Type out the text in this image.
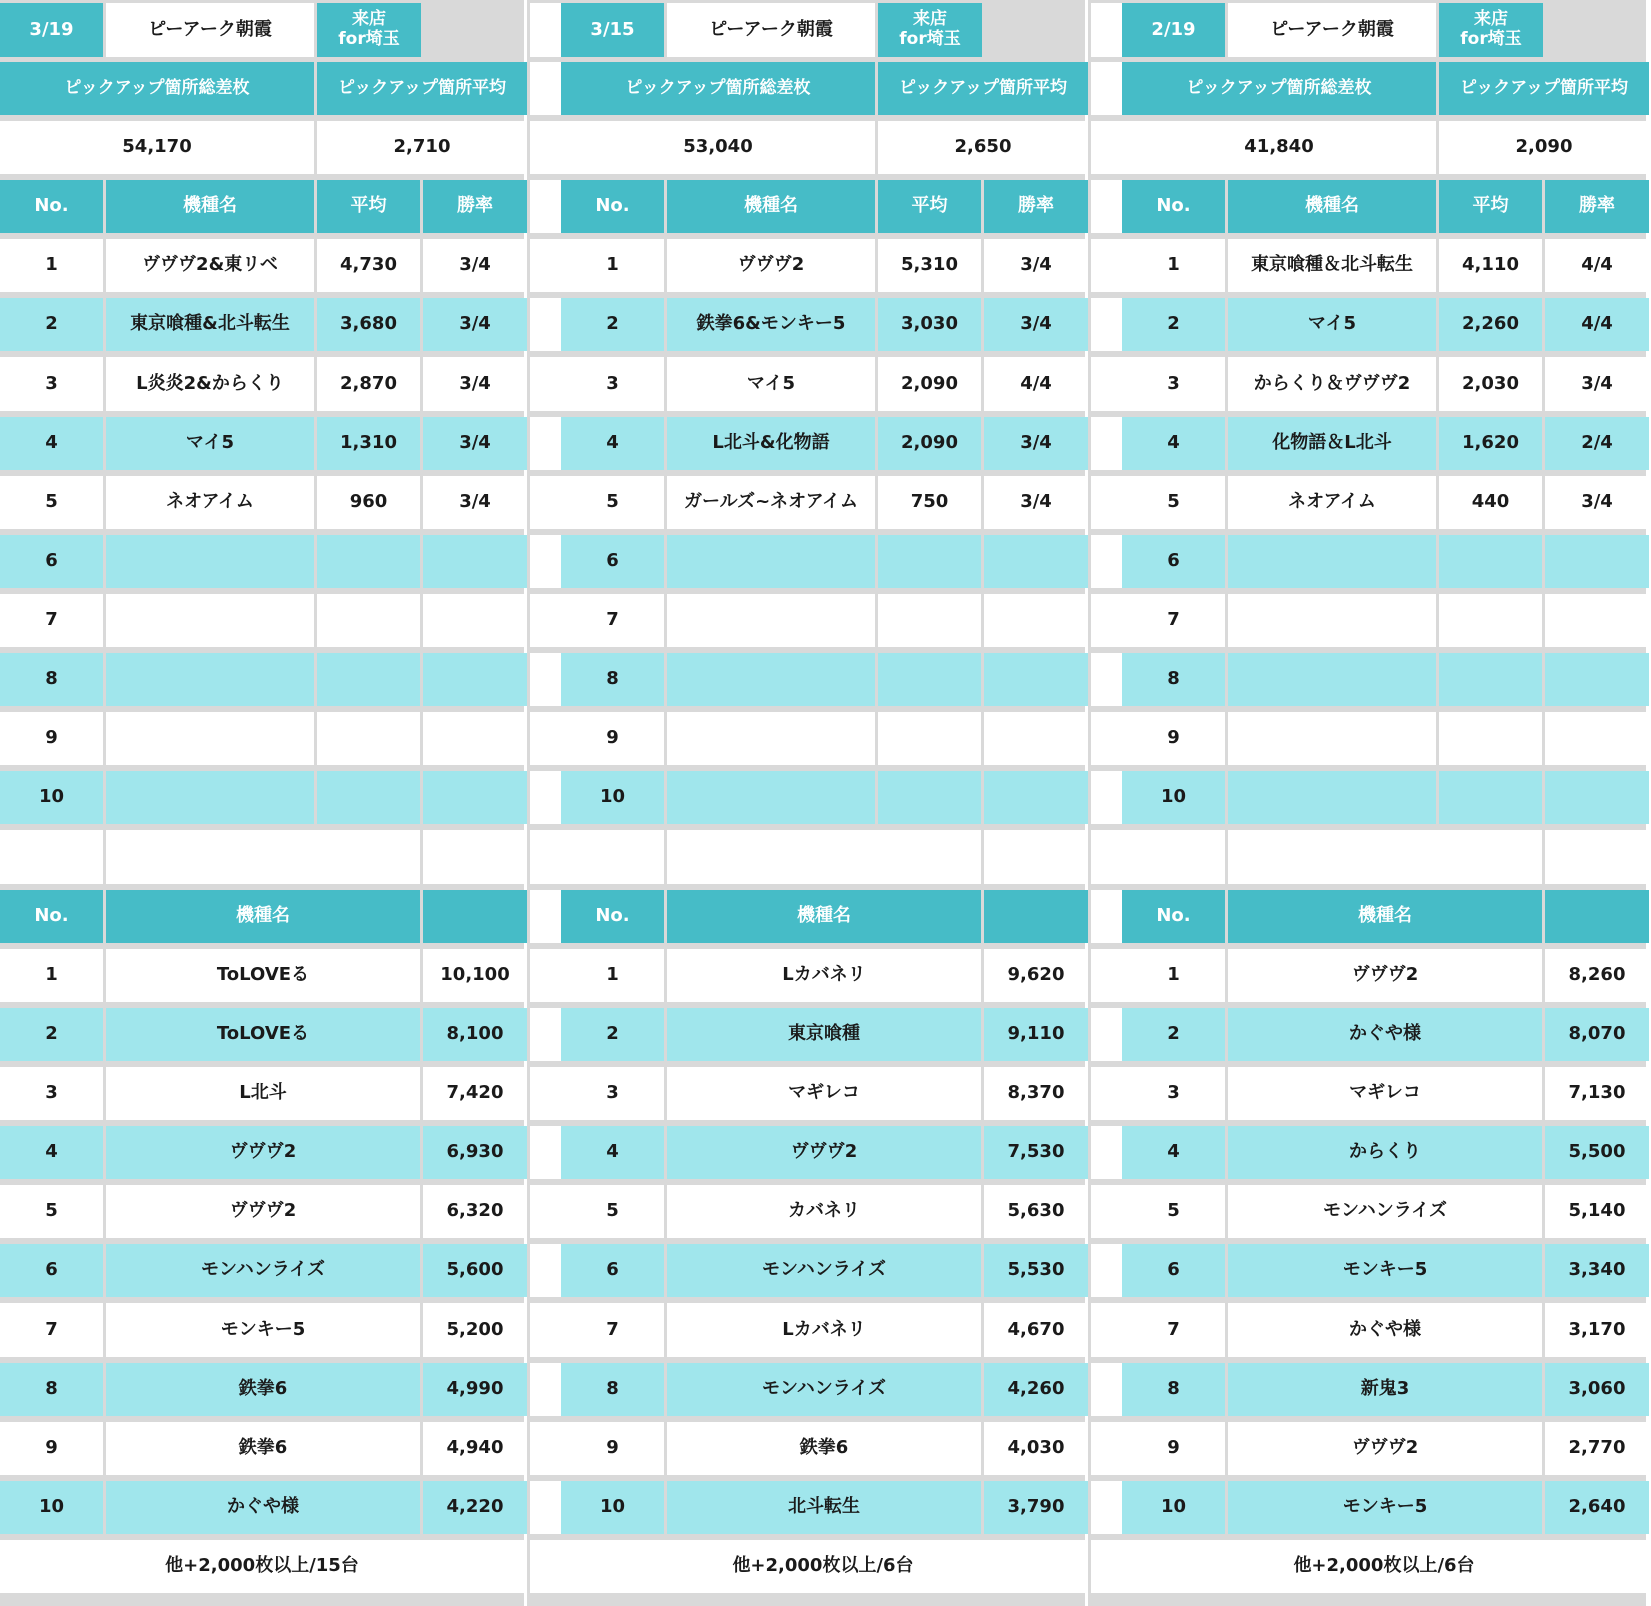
3/19	ピーアーク朝霞	来店
for埼玉
ピックアップ箇所総差枚	ピックアップ箇所平均
54,170	2,710
No.	機種名	平均	勝率
1	ヴヴヴ2&東リベ	4,730	3/4
2	東京喰種&北斗転生	3,680	3/4
3	L炎炎2&からくり	2,870	3/4
4	マイ5	1,310	3/4
5	ネオアイム	960	3/4
6
7
8
9
10
No.	機種名
1	ToLOVEる	10,100
2	ToLOVEる	8,100
3	L北斗	7,420
4	ヴヴヴ2	6,930
5	ヴヴヴ2	6,320
6	モンハンライズ	5,600
7	モンキー5	5,200
8	鉄拳6	4,990
9	鉄拳6	4,940
10	かぐや様	4,220
他+2,000枚以上/15台
3/15	ピーアーク朝霞	来店
for埼玉
ピックアップ箇所総差枚	ピックアップ箇所平均
53,040	2,650
No.	機種名	平均	勝率
1	ヴヴヴ2	5,310	3/4
2	鉄拳6&モンキー5	3,030	3/4
3	マイ5	2,090	4/4
4	L北斗&化物語	2,090	3/4
5	ガールズ~ネオアイム	750	3/4
6
7
8
9
10
No.	機種名
1	Lカバネリ	9,620
2	東京喰種	9,110
3	マギレコ	8,370
4	ヴヴヴ2	7,530
5	カバネリ	5,630
6	モンハンライズ	5,530
7	Lカバネリ	4,670
8	モンハンライズ	4,260
9	鉄拳6	4,030
10	北斗転生	3,790
他+2,000枚以上/6台
2/19	ピーアーク朝霞	来店
for埼玉
ピックアップ箇所総差枚	ピックアップ箇所平均
41,840	2,090
No.	機種名	平均	勝率
1	東京喰種＆北斗転生	4,110	4/4
2	マイ5	2,260	4/4
3	からくり＆ヴヴヴ2	2,030	3/4
4	化物語＆L北斗	1,620	2/4
5	ネオアイム	440	3/4
6
7
8
9
10
No.	機種名
1	ヴヴヴ2	8,260
2	かぐや様	8,070
3	マギレコ	7,130
4	からくり	5,500
5	モンハンライズ	5,140
6	モンキー5	3,340
7	かぐや様	3,170
8	新鬼3	3,060
9	ヴヴヴ2	2,770
10	モンキー5	2,640
他+2,000枚以上/6台
